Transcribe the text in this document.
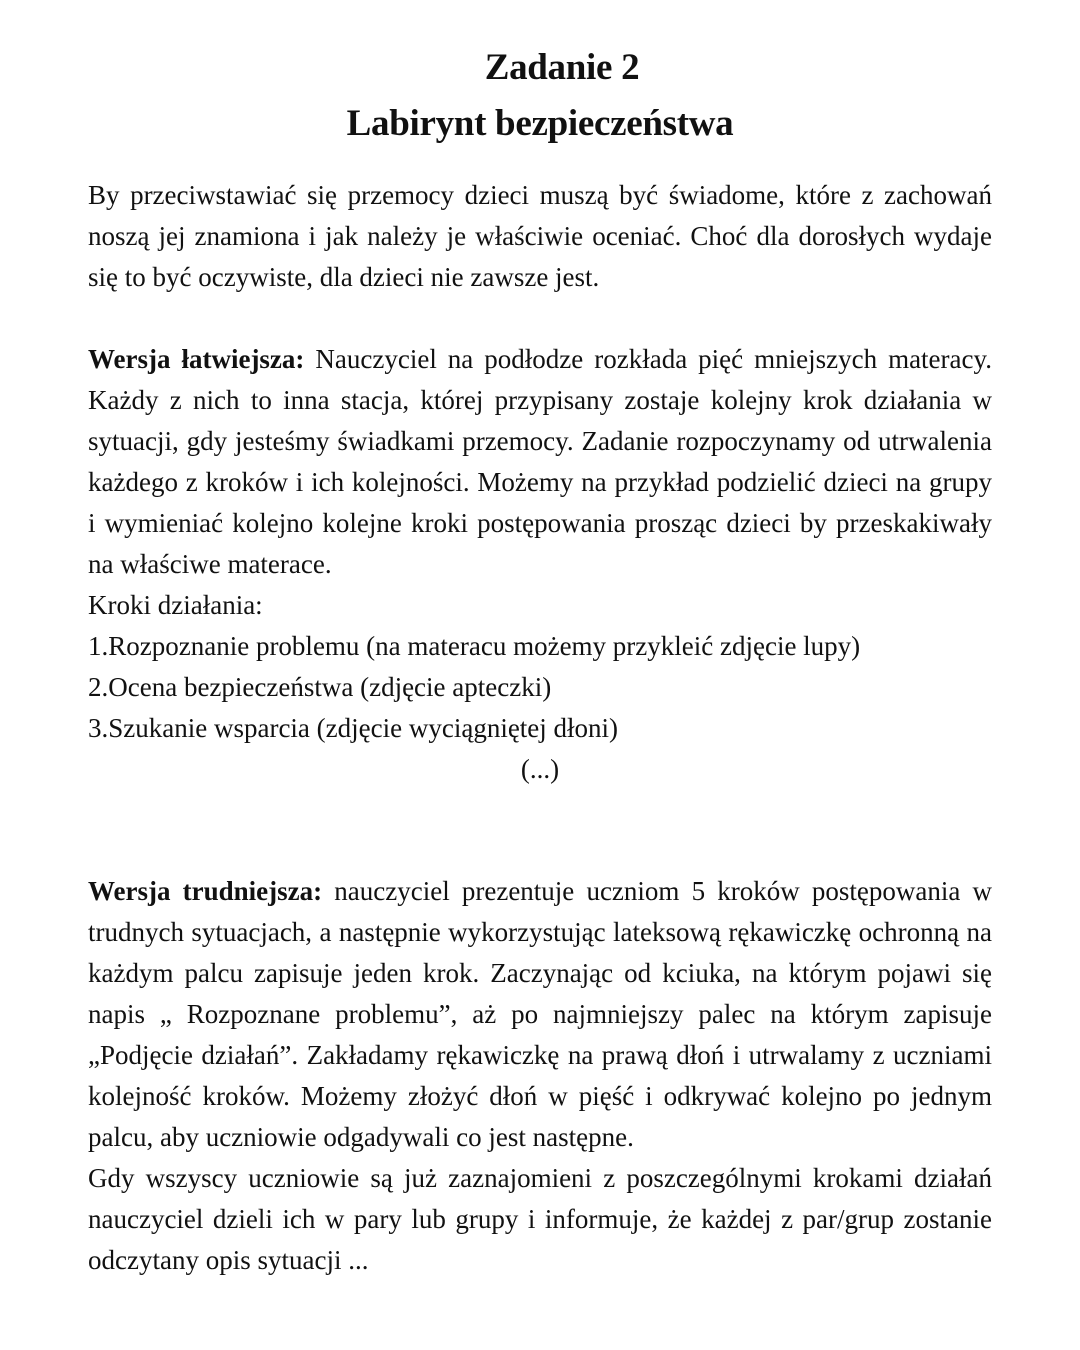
Zadanie 2
Labirynt bezpieczeństwa

By przeciwstawiać się przemocy dzieci muszą być świadome, które z zachowań noszą jej znamiona i jak należy je właściwie oceniać. Choć dla dorosłych wydaje się to być oczywiste, dla dzieci nie zawsze jest.

Wersja łatwiejsza: Nauczyciel na podłodze rozkłada pięć mniejszych materacy. Każdy z nich to inna stacja, której przypisany zostaje kolejny krok działania w sytuacji, gdy jesteśmy świadkami przemocy. Zadanie rozpoczynamy od utrwalenia każdego z kroków i ich kolejności. Możemy na przykład podzielić dzieci na grupy i wymieniać kolejno kolejne kroki postępowania prosząc dzieci by przeskakiwały na właściwe materace.

Kroki działania:

1.Rozpoznanie problemu (na materacu możemy przykleić zdjęcie lupy)

2.Ocena bezpieczeństwa (zdjęcie apteczki)

3.Szukanie wsparcia (zdjęcie wyciągniętej dłoni)

(...)

Wersja trudniejsza: nauczyciel prezentuje uczniom 5 kroków postępowania w trudnych sytuacjach, a następnie wykorzystując lateksową rękawiczkę ochronną na każdym palcu zapisuje jeden krok. Zaczynając od kciuka, na którym pojawi się napis „ Rozpoznane problemu”, aż po najmniejszy palec na którym zapisuje „Podjęcie działań”. Zakładamy rękawiczkę na prawą dłoń i utrwalamy z uczniami kolejność kroków. Możemy złożyć dłoń w pięść i odkrywać kolejno po jednym palcu, aby uczniowie odgadywali co jest następne.

Gdy wszyscy uczniowie są już zaznajomieni z poszczególnymi krokami działań nauczyciel dzieli ich w pary lub grupy i informuje, że każdej z par/grup zostanie odczytany opis sytuacji ...
